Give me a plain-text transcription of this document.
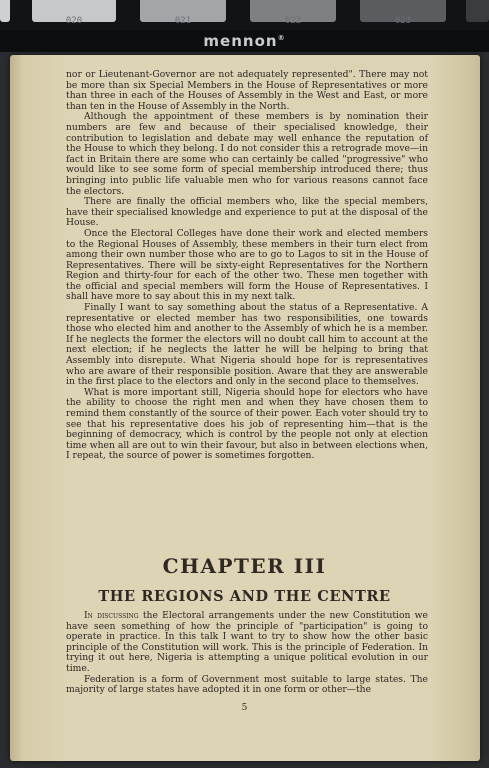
020	021	022	023
mennon®

nor or Lieutenant-Governor are not adequately represented". There may not be more than six Special Members in the House of Representatives or more than three in each of the Houses of Assembly in the West and East, or more than ten in the House of Assembly in the North.

Although the appointment of these members is by nomination their numbers are few and because of their specialised knowledge, their contribution to legislation and debate may well enhance the reputation of the House to which they belong. I do not consider this a retrograde move—in fact in Britain there are some who can certainly be called "progressive" who would like to see some form of special membership introduced there; thus bringing into public life valuable men who for various reasons cannot face the electors.

There are finally the official members who, like the special members, have their specialised knowledge and experience to put at the disposal of the House.

Once the Electoral Colleges have done their work and elected members to the Regional Houses of Assembly, these members in their turn elect from among their own number those who are to go to Lagos to sit in the House of Representatives. There will be sixty-eight Representatives for the Northern Region and thirty-four for each of the other two. These men together with the official and special members will form the House of Representatives. I shall have more to say about this in my next talk.

Finally I want to say something about the status of a Representative. A representative or elected member has two responsibilities, one towards those who elected him and another to the Assembly of which he is a member. If he neglects the former the electors will no doubt call him to account at the next election; if he neglects the latter he will be helping to bring that Assembly into disrepute. What Nigeria should hope for is representatives who are aware of their responsible position. Aware that they are answerable in the first place to the electors and only in the second place to themselves.

What is more important still, Nigeria should hope for electors who have the ability to choose the right men and when they have chosen them to remind them constantly of the source of their power. Each voter should try to see that his representative does his job of representing him—that is the beginning of democracy, which is control by the people not only at election time when all are out to win their favour, but also in between elections when, I repeat, the source of power is sometimes forgotten.

CHAPTER III
THE REGIONS AND THE CENTRE

In discussing the Electoral arrangements under the new Constitution we have seen something of how the principle of "participation" is going to operate in practice. In this talk I want to try to show how the other basic principle of the Constitution will work. This is the principle of Federation. In trying it out here, Nigeria is attempting a unique political evolution in our time.

Federation is a form of Government most suitable to large states. The majority of large states have adopted it in one form or other—the

5
